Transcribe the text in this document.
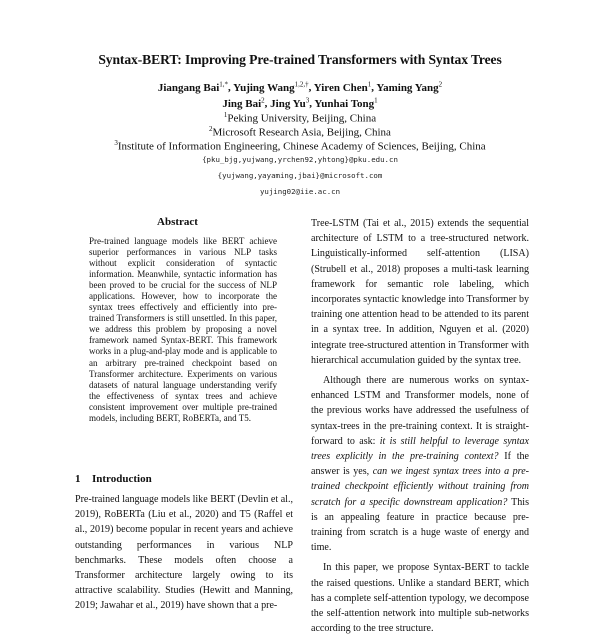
Syntax-BERT: Improving Pre-trained Transformers with Syntax Trees
Jiangang Bai$^{1,*}$, Yujing Wang$^{1,2,\dagger}$, Yiren Chen$^1$, Yaming Yang$^2$
Jing Bai$^2$, Jing Yu$^3$, Yunhai Tong$^1$
$^1$Peking University, Beijing, China
$^2$Microsoft Research Asia, Beijing, China
$^3$Institute of Information Engineering, Chinese Academy of Sciences, Beijing, China
{pku_bjg,yujwang,yrchen92,yhtong}@pku.edu.cn
{yujwang,yayaming,jbai}@microsoft.com
yujing02@iie.ac.cn
Abstract
Pre-trained language models like BERT achieve superior performances in various NLP tasks without explicit consideration of syntactic information. Meanwhile, syntactic information has been proved to be crucial for the success of NLP applications. However, how to incorporate the syntax trees effectively and efficiently into pre-trained Transformers is still unsettled. In this paper, we address this problem by proposing a novel framework named Syntax-BERT. This framework works in a plug-and-play mode and is applicable to an arbitrary pre-trained checkpoint based on Transformer architecture. Experiments on various datasets of natural language understanding verify the effectiveness of syntax trees and achieve consistent improvement over multiple pre-trained models, including BERT, RoBERTa, and T5.
1 Introduction

Pre-trained language models like BERT (Devlin et al., 2019), RoBERTa (Liu et al., 2020) and T5 (Raffel et al., 2019) become popular in recent years and achieve outstanding performances in various NLP benchmarks. These models often choose a Transformer architecture largely owing to its attractive scalability. Studies (Hewitt and Manning, 2019; Jawahar et al., 2019) have shown that a pre-

Tree-LSTM (Tai et al., 2015) extends the sequential architecture of LSTM to a tree-structured network. Linguistically-informed self-attention (LISA) (Strubell et al., 2018) proposes a multi-task learning framework for semantic role labeling, which incorporates syntactic knowledge into Transformer by training one attention head to be attended to its parent in a syntax tree. In addition, Nguyen et al. (2020) integrate tree-structured attention in Transformer with hierarchical accumulation guided by the syntax tree.

Although there are numerous works on syntax-enhanced LSTM and Transformer models, none of the previous works have addressed the usefulness of syntax-trees in the pre-training context. It is straight-forward to ask: it is still helpful to leverage syntax trees explicitly in the pre-training context? If the answer is yes, can we ingest syntax trees into a pre-trained checkpoint efficiently without training from scratch for a specific downstream application? This is an appealing feature in practice because pre-training from scratch is a huge waste of energy and time.

In this paper, we propose Syntax-BERT to tackle the raised questions. Unlike a standard BERT, which has a complete self-attention typology, we decompose the self-attention network into multiple sub-networks according to the tree structure.
